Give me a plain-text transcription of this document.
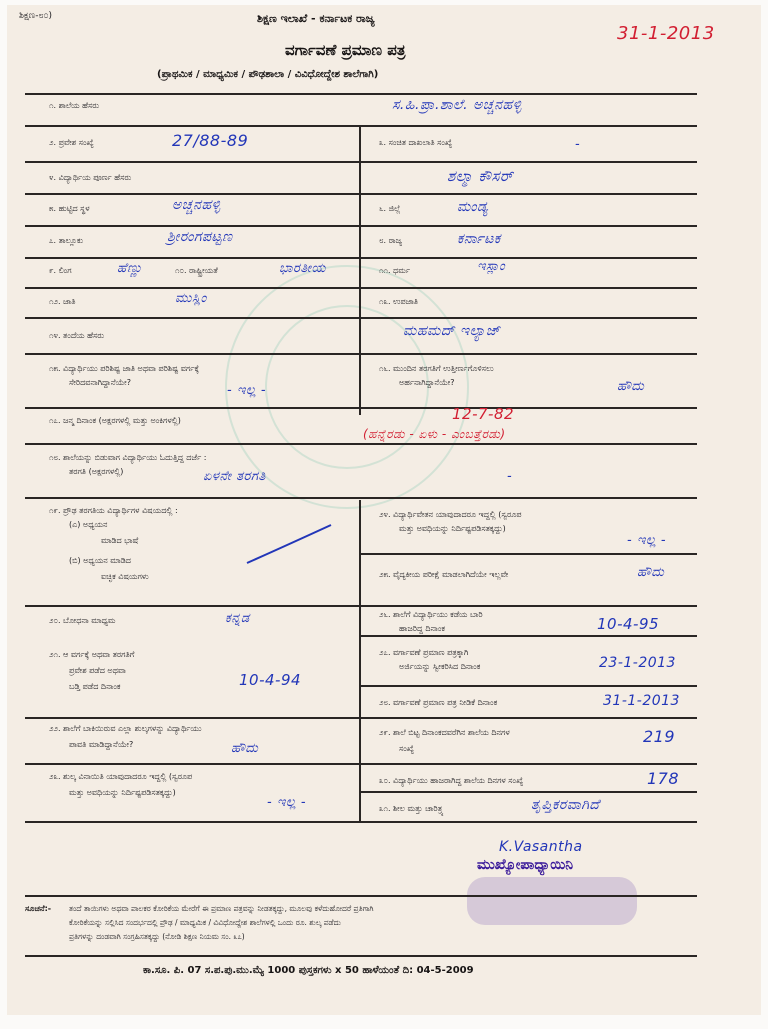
ಶಿಕ್ಷಣ-೮೦)	ಶಿಕ್ಷಣ ಇಲಾಖೆ - ಕರ್ನಾಟಕ ರಾಜ್ಯ
31-1-2013
ವರ್ಗಾವಣೆ ಪ್ರಮಾಣ ಪತ್ರ
(ಪ್ರಾಥಮಿಕ / ಮಾಧ್ಯಮಿಕ / ಪೌಢಶಾಲಾ / ವಿವಿಧೋದ್ದೇಶ ಶಾಲೆಗಾಗಿ)
೧. ಶಾಲೆಯ ಹೆಸರು	ಸ.ಹಿ.ಪ್ರಾ.ಶಾಲೆ. ಅಚ್ಚನಹಳ್ಳಿ
೨. ಪ್ರವೇಶ ಸಂಖ್ಯೆ	27/88-89	೩. ಸಂಚಿತ ದಾಖಲಾತಿ ಸಂಖ್ಯೆ	-
೪. ವಿದ್ಯಾರ್ಥಿಯ ಪೂರ್ಣ ಹೆಸರು	ಶಲ್ಮಾ ಕೌಸರ್
೫. ಹುಟ್ಟಿದ ಸ್ಥಳ	ಅಚ್ಚನಹಳ್ಳಿ	೬. ಜಿಲ್ಲೆ	ಮಂಡ್ಯ
೭. ತಾಲ್ಲೂಕು	ಶ್ರೀರಂಗಪಟ್ಟಣ	೮. ರಾಜ್ಯ	ಕರ್ನಾಟಕ
೯. ಲಿಂಗ	ಹೆಣ್ಣು	೧೦. ರಾಷ್ಟ್ರೀಯತೆ	ಭಾರತೀಯ	೧೧. ಧರ್ಮ	ಇಸ್ಲಾಂ
೧೨. ಜಾತಿ	ಮುಸ್ಲಿಂ	೧೩. ಉಪಜಾತಿ
೧೪. ತಂದೆಯ ಹೆಸರು	ಮಹಮದ್ ಇಲ್ಯಾಜ್
೧೫. ವಿದ್ಯಾರ್ಥಿಯು ಪರಿಶಿಷ್ಟ ಜಾತಿ ಅಥವಾ ಪರಿಶಿಷ್ಟ ವರ್ಗಕ್ಕೆ
ಸೇರಿದವನಾಗಿದ್ದಾನೆಯೇ?
- ಇಲ್ಲ -
೧೬. ಮುಂದಿನ ತರಗತಿಗೆ ಉತ್ತೀರ್ಣಗೊಳಿಸಲು
ಅರ್ಹನಾಗಿದ್ದಾನೆಯೇ?	ಹೌದು
೧೭. ಜನ್ಮ ದಿನಾಂಕ (ಅಕ್ಷರಗಳಲ್ಲಿ ಮತ್ತು ಅಂಕಿಗಳಲ್ಲಿ)	12-7-82
(ಹನ್ನೆರಡು - ಏಳು - ಎಂಬತ್ತೆರಡು)
೧೮. ಶಾಲೆಯನ್ನು ಬಿಡುವಾಗ ವಿದ್ಯಾರ್ಥಿಯು ಓದುತ್ತಿದ್ದ ದರ್ಜೆ :
ತರಗತಿ (ಅಕ್ಷರಗಳಲ್ಲಿ)	ಏಳನೇ ತರಗತಿ	-
೧೯. ಪ್ರೌಢ ತರಗತಿಯ ವಿದ್ಯಾರ್ಥಿಗಳ ವಿಷಯದಲ್ಲಿ :
(ಎ) ಅಧ್ಯಯನ
ಮಾಡಿದ ಭಾಷೆ
(ಬಿ) ಅಧ್ಯಯನ ಮಾಡಿದ
ಐಚ್ಛಿಕ ವಿಷಯಗಳು
೨೪. ವಿದ್ಯಾರ್ಥಿವೇತನ ಯಾವುದಾದರೂ ಇದ್ದಲ್ಲಿ (ಸ್ವರೂಪ
ಮತ್ತು ಅವಧಿಯನ್ನು ನಿರ್ದಿಷ್ಟಪಡಿಸತಕ್ಕದ್ದು)
- ಇಲ್ಲ -
೨೫. ವೈದ್ಯಕೀಯ ಪರೀಕ್ಷೆ ಮಾಡಲಾಗಿದೆಯೇ ಇಲ್ಲವೇ	ಹೌದು
೨೦. ಬೋಧನಾ ಮಾಧ್ಯಮ	ಕನ್ನಡ	೨೬. ಶಾಲೆಗೆ ವಿದ್ಯಾರ್ಥಿಯು ಕಡೆಯ ಬಾರಿ
ಹಾಜರಿದ್ದ ದಿನಾಂಕ	10-4-95
೨೧. ಆ ವರ್ಗಕ್ಕೆ ಅಥವಾ ತರಗತಿಗೆ
ಪ್ರವೇಶ ಪಡೆದ ಅಥವಾ
ಬಡ್ತಿ ಪಡೆದ ದಿನಾಂಕ	10-4-94
೨೭. ವರ್ಗಾವಣೆ ಪ್ರಮಾಣ ಪತ್ರಕ್ಕಾಗಿ
ಅರ್ಜಿಯನ್ನು ಸ್ವೀಕರಿಸಿದ ದಿನಾಂಕ	23-1-2013
೨೮. ವರ್ಗಾವಣೆ ಪ್ರಮಾಣ ಪತ್ರ ನೀಡಿಕೆ ದಿನಾಂಕ	31-1-2013
೨೨. ಶಾಲೆಗೆ ಬಾಕಿಯಿರುವ ಎಲ್ಲಾ ಶುಲ್ಕಗಳನ್ನು ವಿದ್ಯಾರ್ಥಿಯು
ಪಾವತಿ ಮಾಡಿದ್ದಾನೆಯೇ?	ಹೌದು
೨೯. ಶಾಲೆ ಬಿಟ್ಟ ದಿನಾಂಕದವರೆಗಿನ ಶಾಲೆಯ ದಿನಗಳ
ಸಂಖ್ಯೆ
219
೨೩. ಶುಲ್ಕ ವಿನಾಯಿತಿ ಯಾವುದಾದರೂ ಇದ್ದಲ್ಲಿ (ಸ್ವರೂಪ
ಮತ್ತು ಅವಧಿಯನ್ನು ನಿರ್ದಿಷ್ಟಪಡಿಸತಕ್ಕದ್ದು)
- ಇಲ್ಲ -
೩೦. ವಿದ್ಯಾರ್ಥಿಯು ಹಾಜರಾಗಿದ್ದ ಶಾಲೆಯ ದಿನಗಳ ಸಂಖ್ಯೆ	178
೩೧. ಶೀಲ ಮತ್ತು ಚಾರಿತ್ರ್ಯ	ತೃಪ್ತಿಕರವಾಗಿದೆ
K.Vasantha
ಮುಖ್ಯೋಪಾಧ್ಯಾಯಿನಿ
ಸೂಚನೆ:- ತಂದೆ ತಾಯಿಗಳು ಅಥವಾ ಪಾಲಕರ ಕೋರಿಕೆಯ ಮೇರೆಗೆ ಈ ಪ್ರಮಾಣ ಪತ್ರವನ್ನು ನೀಡತಕ್ಕದ್ದು, ಮೂಲವು ಕಳೆದುಹೋದರೆ ಪ್ರತಿಗಾಗಿ
ಕೋರಿಕೆಯನ್ನು ಸಲ್ಲಿಸಿದ ಸಂದರ್ಭದಲ್ಲಿ ಪ್ರೌಢ / ಮಾಧ್ಯಮಿಕ / ವಿವಿಧೋದ್ದೇಶ ಶಾಲೆಗಳಲ್ಲಿ ಒಂದು ರೂ. ಶುಲ್ಕ ಪಡೆದು
ಪ್ರತಿಗಳನ್ನು ದಂಡವಾಗಿ ಸಂಗ್ರಹಿಸತಕ್ಕದ್ದು (ನೋಡಿ ಶಿಕ್ಷಣ ನಿಯಮ ಸಂ. ೩೭)
ಕಾ.ಸೂ. ಪಿ. 07 ಸ.ಪ.ಪು.ಮು.ಮ್ಯೆ 1000 ಪುಸ್ತಕಗಳು x 50 ಹಾಳೆಯಂತೆ ದಿ: 04-5-2009
